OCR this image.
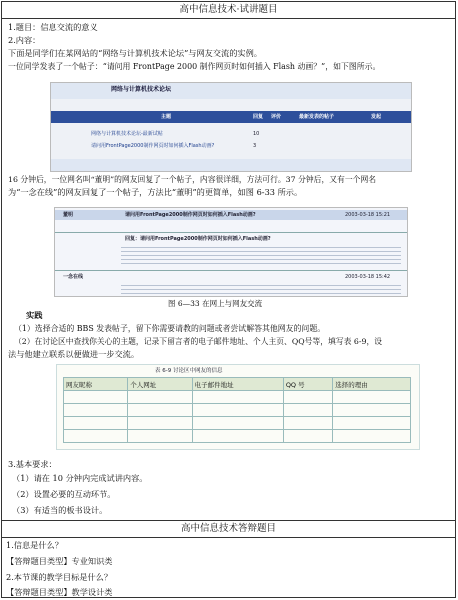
高中信息技术·试讲题目
1.题目：信息交流的意义
2.内容：
下面是同学们在某网站的“网络与计算机技术论坛”与网友交流的实例。
一位同学发表了一个帖子：“请问用 FrontPage 2000 制作网页时如何插入 Flash 动画？”，如下图所示。
网络与计算机技术论坛
主题	回复 评价	最新发表的帖子	发起
网络与计算机技术论坛-最新试帖	10
请问用FrontPage2000制作网页时如何插入Flash动画?	3
16 分钟后，一位网名叫“董明”的网友回复了一个帖子，内容很详细，方法可行。37 分钟后，又有一个网名
为“一念在线”的网友回复了一个帖子，方法比“董明”的更简单，如图 6-33 所示。
董明	请问用FrontPage2000制作网页时如何插入Flash动画?	2003-03-18 15:21
回复：请问用FrontPage2000制作网页时如何插入Flash动画?
一念在线	2003-03-18 15:42
图 6—33 在网上与网友交流
实践
（1）选择合适的 BBS 发表帖子，留下你需要请教的问题或者尝试解答其他网友的问题。
（2）在讨论区中查找你关心的主题，记录下留言者的电子邮件地址、个人主页、QQ号等，填写表 6-9，设
法与他建立联系以便做进一步交流。
表 6-9 讨论区中网友的信息
网友昵称	个人网址	电子邮件地址	QQ 号	选择的理由

3.基本要求：
（1）请在 10 分钟内完成试讲内容。
（2）设置必要的互动环节。
（3）有适当的板书设计。
高中信息技术答辩题目
1.信息是什么？
【答辩题目类型】专业知识类
2.本节课的教学目标是什么？
【答辩题目类型】教学设计类
